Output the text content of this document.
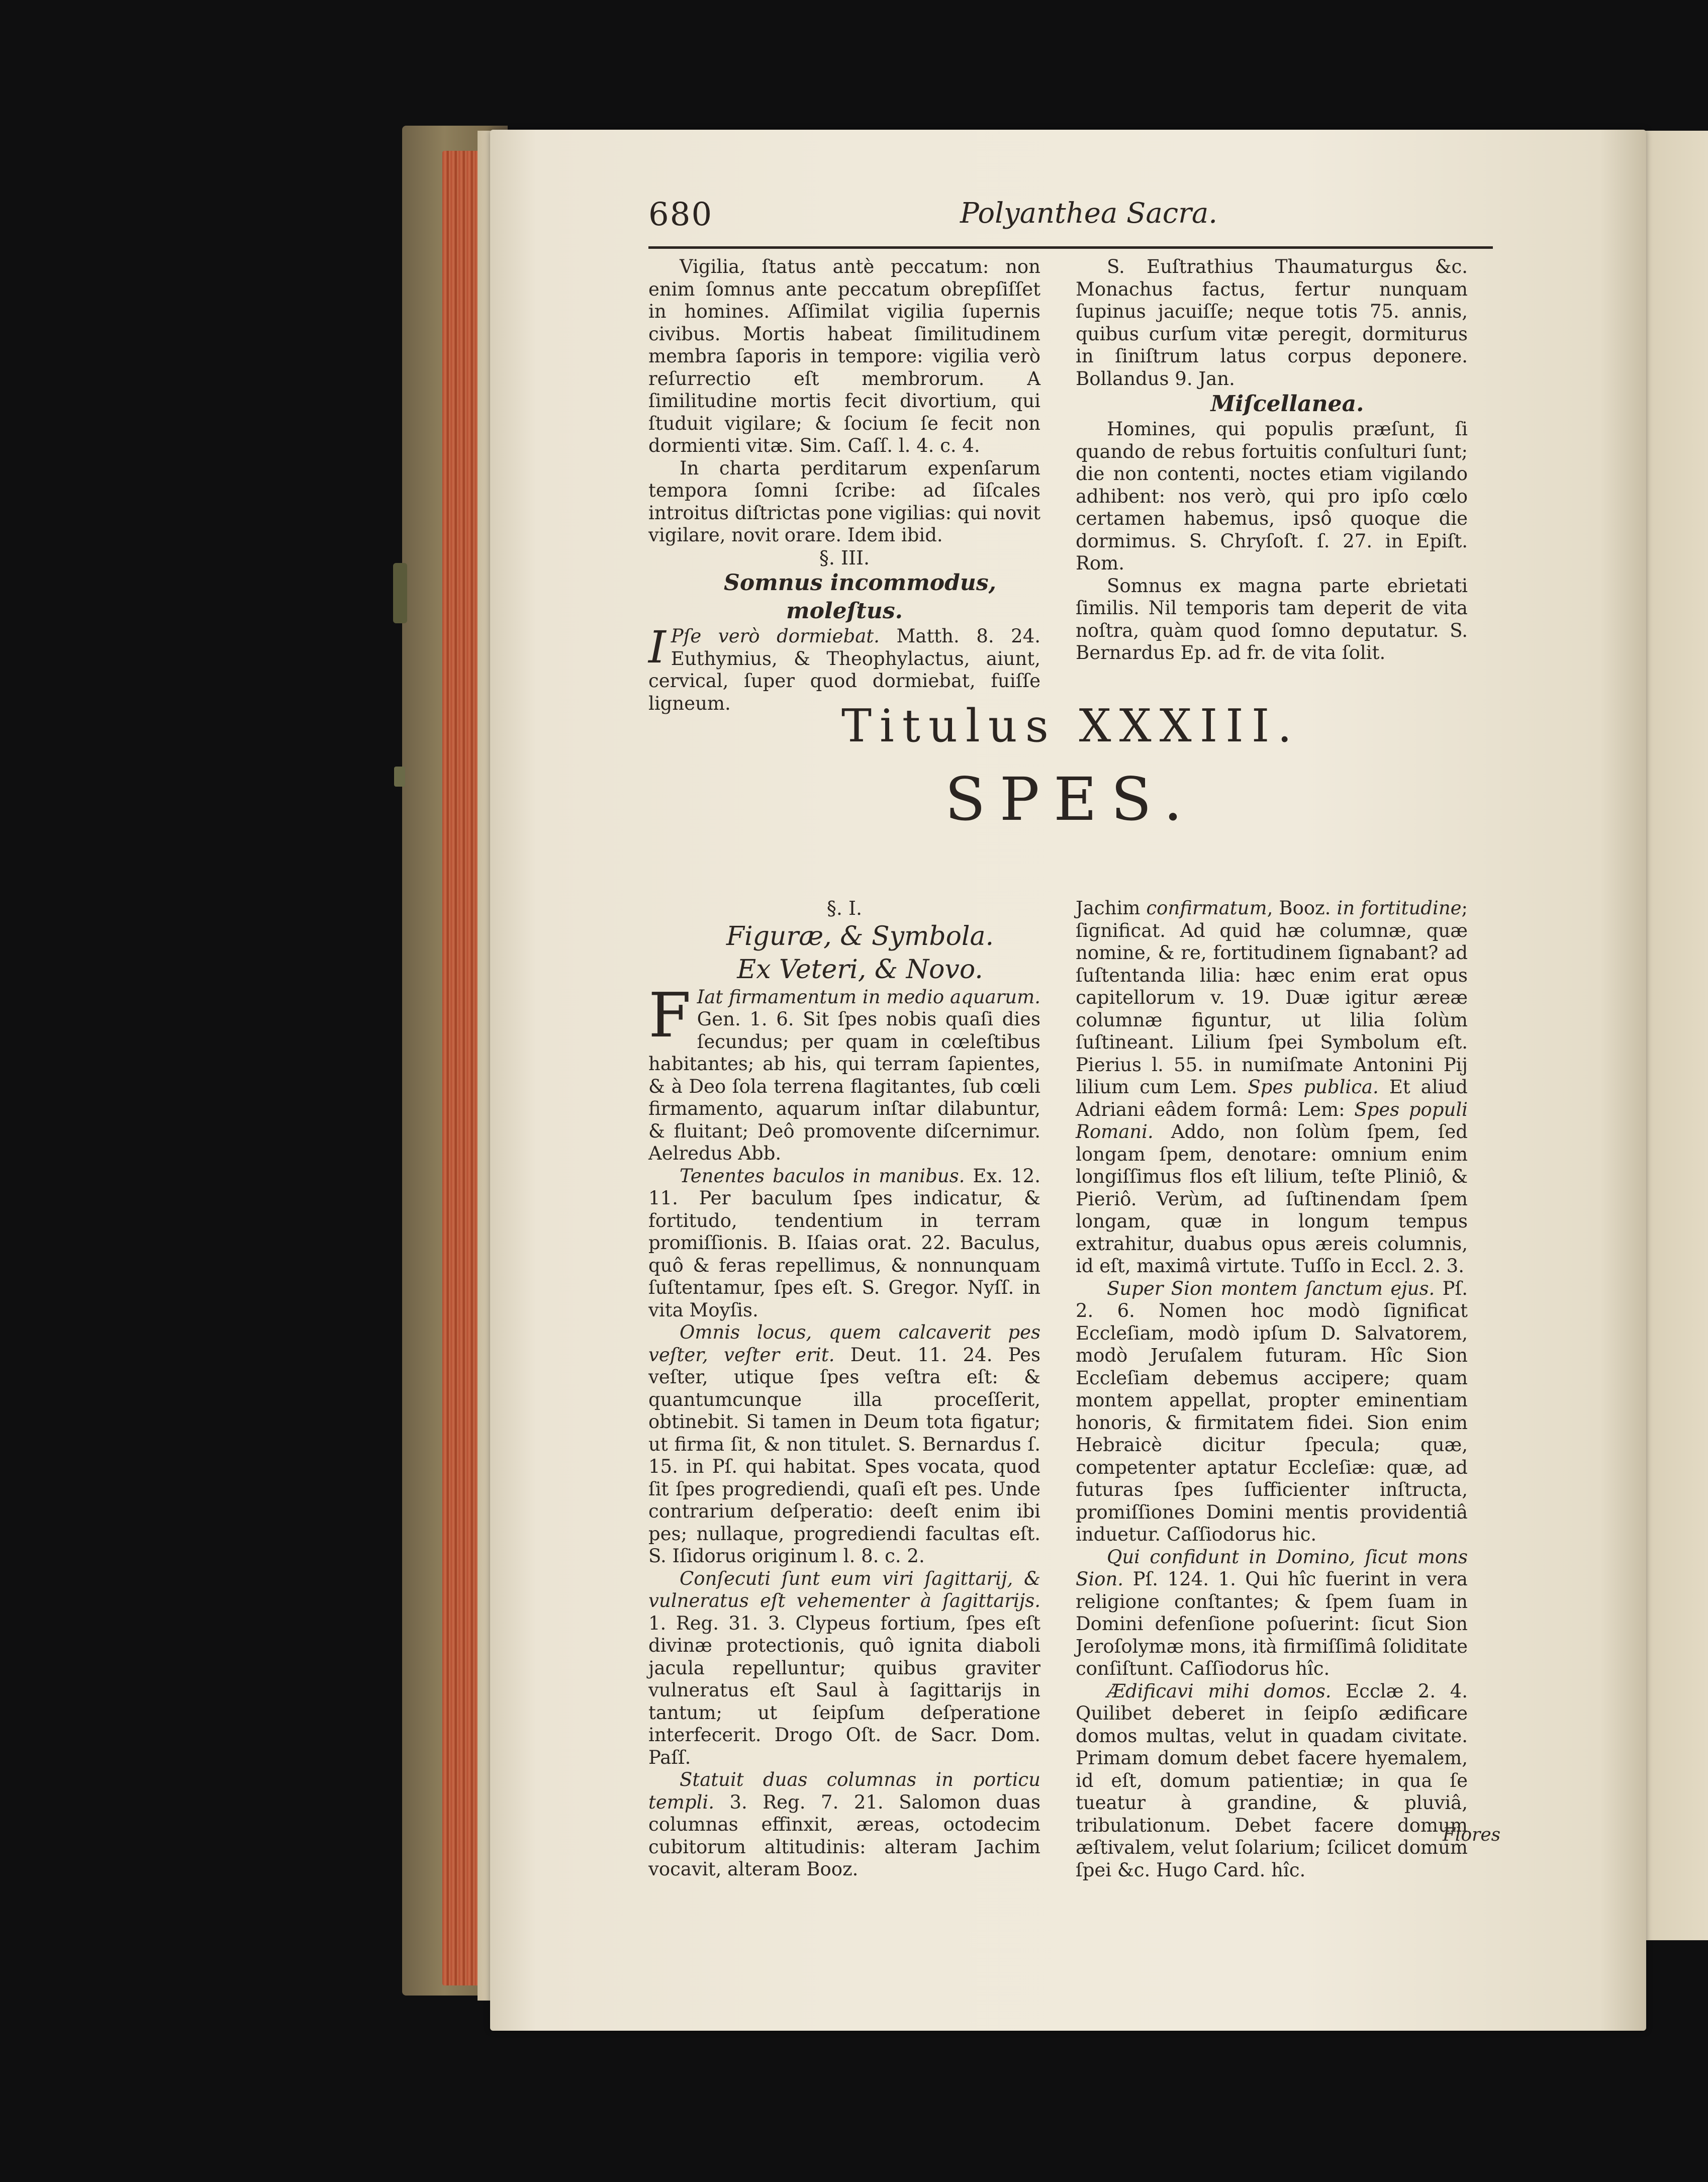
680	Polyanthea Sacra.

Vigilia, ſtatus antè peccatum: non enim ſomnus ante peccatum obrepſiſſet in homines. Aſſimilat vigilia ſupernis civibus. Mortis habeat ſimilitudinem membra ſaporis in tempore: vigilia verò reſurrectio eſt membrorum. A ſimilitudine mortis fecit divortium, qui ſtuduit vigilare; & ſocium ſe fecit non dormienti vitæ. Sim. Caſſ. l. 4. c. 4.

In charta perditarum expenſarum temporа ſomni ſcribe: ad ſiſcales introitus diſtrictas pone vigilias: qui novit vigilare, novit orare. Idem ibid.

§. III.

Somnus incommodus, moleſtus.

I Pſe verò dormiebat. Matth. 8. 24. Euthymius, & Theophylactus, aiunt, cervical, ſuper quod dormiebat, fuiſſe ligneum.

S. Euſtrathius Thaumaturgus &c. Monachus factus, fertur nunquam ſupinus jacuiſſe; neque totis 75. annis, quibus curſum vitæ peregit, dormiturus in ſiniſtrum latus corpus deponere. Bollandus 9. Jan.

Miſcellanea.

Homines, qui populis præſunt, ſi quando de rebus fortuitis conſulturi ſunt; die non contenti, noctes etiam vigilando adhibent: nos verò, qui pro ipſo cœlo certamen habemus, ipsô quoque die dormimus. S. Chryſoſt. ſ. 27. in Epiſt. Rom.

Somnus ex magna parte ebrietati ſimilis. Nil temporis tam deperit de vita noſtra, quàm quod ſomno deputatur. S. Bernardus Ep. ad fr. de vita ſolit.

Titulus XXXIII.
SPES.

§. I.

Figuræ, & Symbola.

Ex Veteri, & Novo.

F Iat firmamentum in medio aquarum. Gen. 1. 6. Sit ſpes nobis quaſi dies ſecundus; per quam in cœleſtibus habitantes; ab his, qui terram ſapientes, & à Deo ſola terrena flagitantes, ſub cœli firmamento, aquarum inſtar dilabuntur, & fluitant; Deô promovente diſcernimur. Aelredus Abb.

Tenentes baculos in manibus. Ex. 12. 11. Per baculum ſpes indicatur, & fortitudo, tendentium in terram promiſſionis. B. Iſaias orat. 22. Baculus, quô & feras repellimus, & nonnunquam ſuſtentamur, ſpes eſt. S. Gregor. Nyſſ. in vita Moyſis.

Omnis locus, quem calcaverit pes veſter, veſter erit. Deut. 11. 24. Pes veſter, utique ſpes veſtra eſt: & quantumcunque illa proceſſerit, obtinebit. Si tamen in Deum tota figatur; ut firma ſit, & non titulet. S. Bernardus ſ. 15. in Pſ. qui habitat. Spes vocata, quod ſit ſpes progrediendi, quaſi eſt pes. Unde contrarium deſperatio: deeſt enim ibi pes; nullaque, progrediendi facultas eſt. S. Iſidorus originum l. 8. c. 2.

Conſecuti ſunt eum viri ſagittarij, & vulneratus eſt vehementer à ſagittarijs. 1. Reg. 31. 3. Clypeus fortium, ſpes eſt divinæ protectionis, quô ignita diaboli jacula repelluntur; quibus graviter vulneratus eſt Saul à ſagittarijs in tantum; ut ſeipſum deſperatione interfecerit. Drogo Oſt. de Sacr. Dom. Paſſ.

Statuit duas columnas in porticu templi. 3. Reg. 7. 21. Salomon duas columnas effinxit, æreas, octodecim cubitorum altitudinis: alteram Jachim vocavit, alteram Booz.

Jachim confirmatum, Booz. in fortitudine; ſignificat. Ad quid hæ columnæ, quæ nomine, & re, fortitudinem ſignabant? ad ſuſtentanda lilia: hæc enim erat opus capitellorum v. 19. Duæ igitur æreæ columnæ figuntur, ut lilia ſolùm ſuſtineant. Lilium ſpei Symbolum eſt. Pierius l. 55. in numiſmate Antonini Pij lilium cum Lem. Spes publica. Et aliud Adriani eâdem formâ: Lem: Spes populi Romani. Addo, non ſolùm ſpem, ſed longam ſpem, denotare: omnium enim longiſſimus flos eſt lilium, teſte Pliniô, & Pieriô. Verùm, ad ſuſtinendam ſpem longam, quæ in longum tempus extrahitur, duabus opus æreis columnis, id eſt, maximâ virtute. Tuſſo in Eccl. 2. 3.

Super Sion montem ſanctum ejus. Pſ. 2. 6. Nomen hoc modò ſignificat Eccleſiam, modò ipſum D. Salvatorem, modò Jeruſalem futuram. Hîc Sion Eccleſiam debemus accipere; quam montem appellat, propter eminentiam honoris, & firmitatem fidei. Sion enim Hebraicè dicitur ſpecula; quæ, competenter aptatur Eccleſiæ: quæ, ad futuras ſpes ſufficienter inſtructa, promiſſiones Domini mentis providentiâ induetur. Caſſiodorus hic.

Qui confidunt in Domino, ſicut mons Sion. Pſ. 124. 1. Qui hîc fuerint in vera religione conſtantes; & ſpem ſuam in Domini defenſione poſuerint: ſicut Sion Jeroſolymæ mons, ità firmiſſimâ ſoliditate conſiſtunt. Caſſiodorus hîc.

Ædificavi mihi domos. Ecclæ 2. 4. Quilibet deberet in ſeipſo ædificare domos multas, velut in quadam civitate. Primam domum debet facere hyemalem, id eſt, domum patientiæ; in qua ſe tueatur à grandine, & pluviâ, tribulationum. Debet facere domum æſtivalem, velut ſolarium; ſcilicet domum ſpei &c. Hugo Card. hîc.

Flores
